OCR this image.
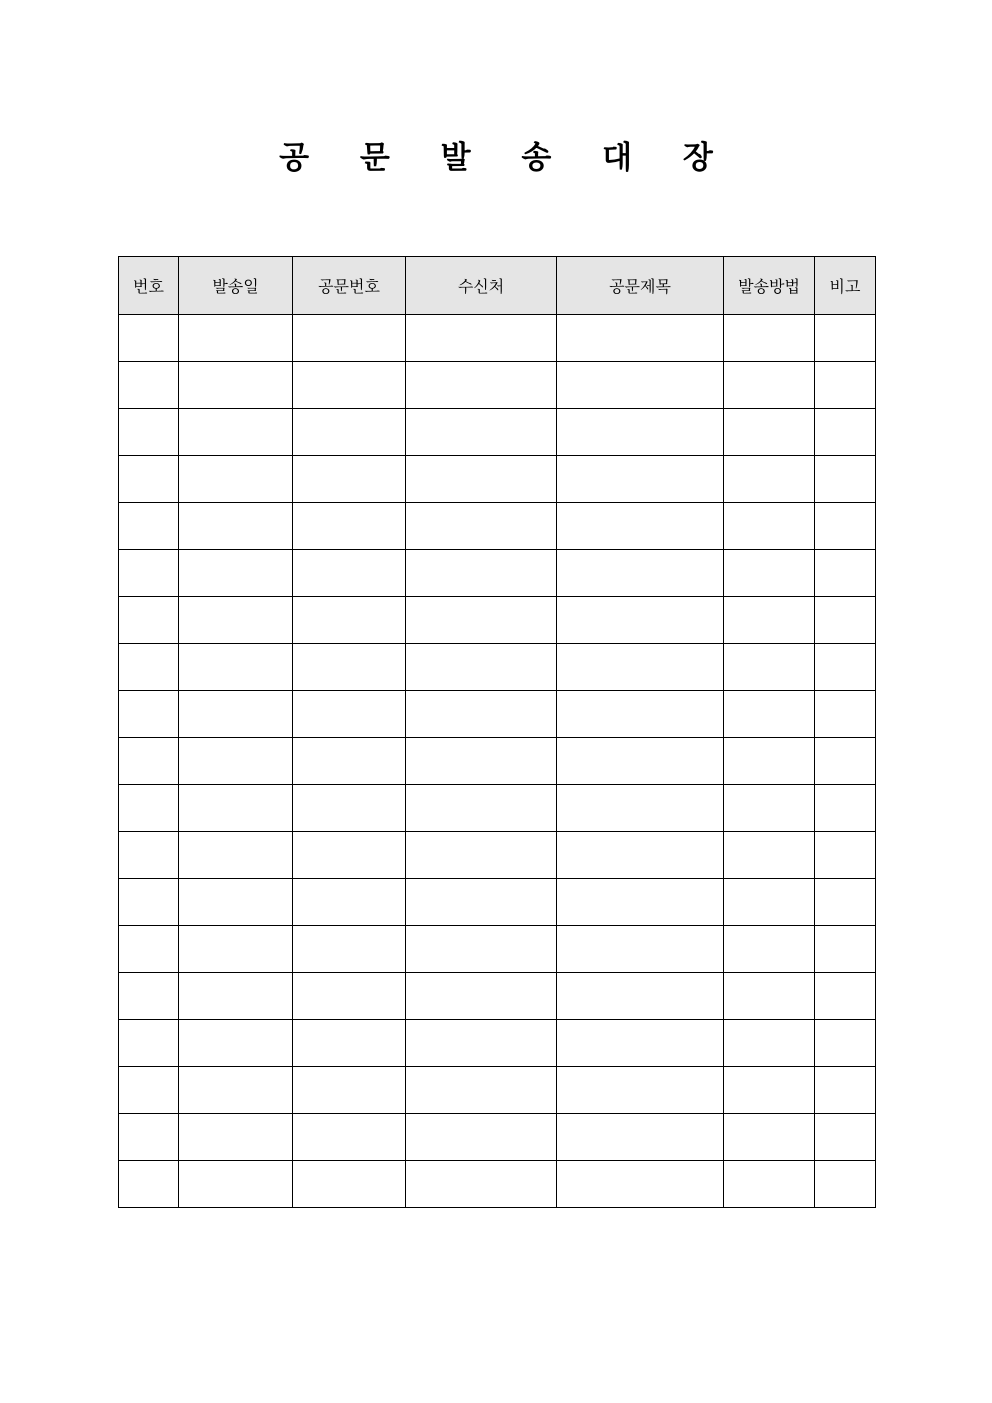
공 문 발 송 대 장
번호	발송일	공문번호	수신처	공문제목	발송방법	비고
